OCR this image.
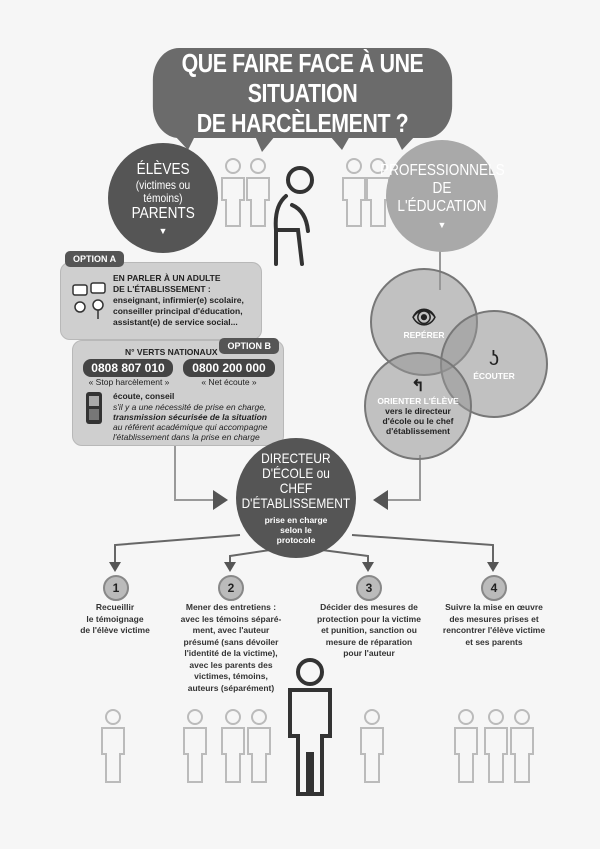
QUE FAIRE FACE À UNE SITUATION
DE HARCÈLEMENT ?
ÉLÈVES
(victimes ou témoins)
PARENTS
▼
PROFESSIONNELS
DE L'ÉDUCATION
▼
OPTION A
EN PARLER À UN ADULTE
DE L'ÉTABLISSEMENT :
enseignant, infirmier(e) scolaire,
conseiller principal d'éducation,
assistant(e) de service social...
OPTION B
N° VERTS NATIONAUX
0808 807 010	0800 200 000
« Stop harcèlement »	« Net écoute »
écoute, conseil
s'il y a une nécessité de prise en charge,
transmission sécurisée de la situation
au référent académique qui accompagne
l'établissement dans la prise en charge
👁
REPÉRER
ʖ
ÉCOUTER
↰
ORIENTER L'ÉLÈVE
vers le directeur
d'école ou le chef
d'établissement
DIRECTEUR
D'ÉCOLE ou CHEF
D'ÉTABLISSEMENT
prise en charge
selon le
protocole
1
Recueillir
le témoignage
de l'élève victime
2
Mener des entretiens :
avec les témoins séparé-
ment, avec l'auteur
présumé (sans dévoiler
l'identité de la victime),
avec les parents des
victimes, témoins,
auteurs (séparément)
3
Décider des mesures de
protection pour la victime
et punition, sanction ou
mesure de réparation
pour l'auteur
4
Suivre la mise en œuvre
des mesures prises et
rencontrer l'élève victime
et ses parents
